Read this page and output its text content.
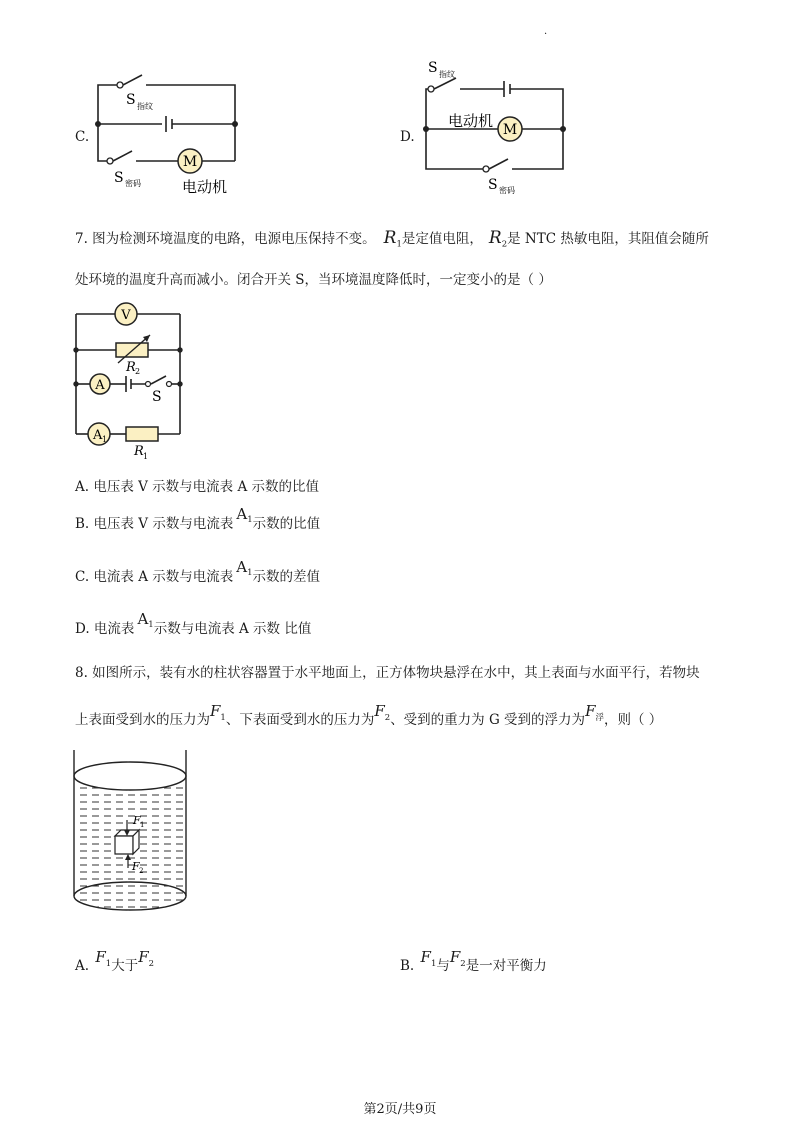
.
C.
M
S 指纹
S 密码	电动机
D.	M
S 指纹
电动机
S 密码
7. 图为检测环境温度的电路，电源电压保持不变。 $R_1$是定值电阻， $R_2$是 NTC 热敏电阻，其阻值会随所
处环境的温度升高而减小。闭合开关 S，当环境温度降低时，一定变小的是（ ）
V
A
A 1
R 2
S
R 1
A. 电压表 V 示数与电流表 A 示数的比值
B. 电压表 V 示数与电流表$A_1$示数的比值
C. 电流表 A 示数与电流表$A_1$示数的差值
D. 电流表$A_1$示数与电流表 A 示数 比值
8. 如图所示，装有水的柱状容器置于水平地面上，正方体物块悬浮在水中，其上表面与水面平行，若物块
上表面受到水的压力为$F_1$、下表面受到水的压力为$F_2$、受到的重力为 G 受到的浮力为$F_浮$，则（ ）
F 1
F 2
A. $F_1$大于$F_2$	B. $F_1$与$F_2$是一对平衡力
第2页/共9页
